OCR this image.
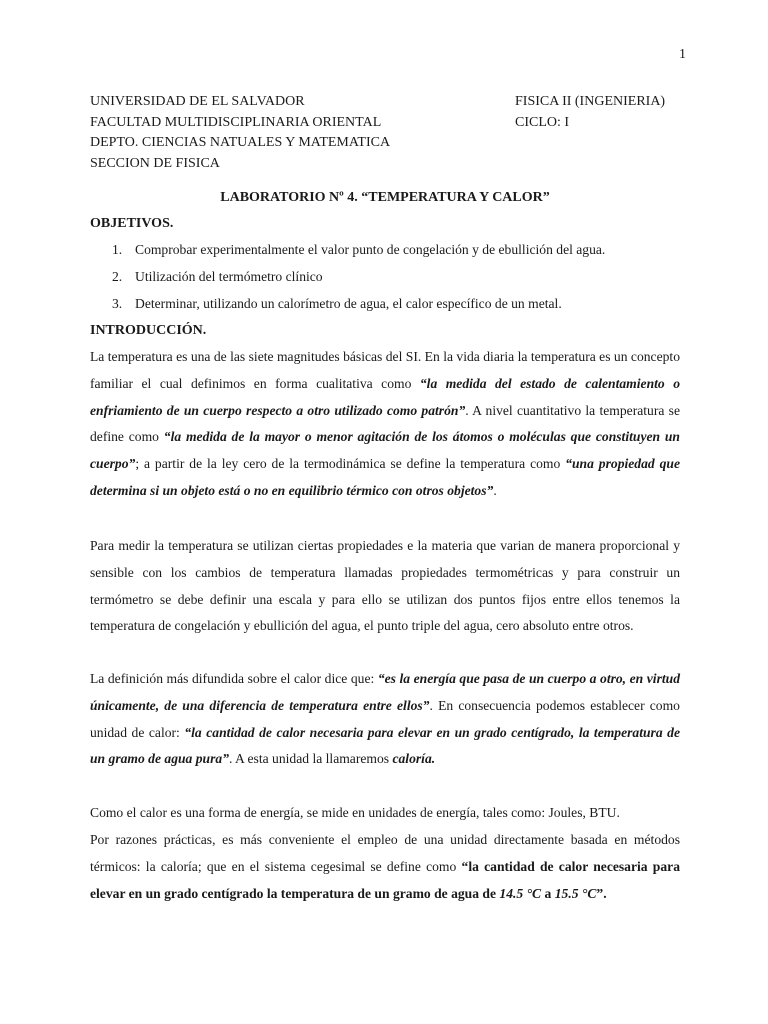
1
UNIVERSIDAD DE EL SALVADOR
FACULTAD MULTIDISCIPLINARIA ORIENTAL
DEPTO. CIENCIAS NATUALES Y MATEMATICA
SECCION DE FISICA
FISICA II (INGENIERIA)
CICLO: I
LABORATORIO Nº 4. “TEMPERATURA Y CALOR”
OBJETIVOS.
1. Comprobar experimentalmente el valor punto de congelación y de ebullición del agua.
2. Utilización del termómetro clínico
3. Determinar, utilizando un calorímetro de agua, el calor específico de un metal.
INTRODUCCIÓN.

La temperatura es una de las siete magnitudes básicas del SI. En la vida diaria la temperatura es un concepto familiar el cual definimos en forma cualitativa como “la medida del estado de calentamiento o enfriamiento de un cuerpo respecto a otro utilizado como patrón”. A nivel cuantitativo la temperatura se define como “la medida de la mayor o menor agitación de los átomos o moléculas que constituyen un cuerpo”; a partir de la ley cero de la termodinámica se define la temperatura como “una propiedad que determina si un objeto está o no en equilibrio térmico con otros objetos”.

Para medir la temperatura se utilizan ciertas propiedades e la materia que varian de manera proporcional y sensible con los cambios de temperatura llamadas propiedades termométricas y para construir un termómetro se debe definir una escala y para ello se utilizan dos puntos fijos entre ellos tenemos la temperatura de congelación y ebullición del agua, el punto triple del agua, cero absoluto entre otros.

La definición más difundida sobre el calor dice que: “es la energía que pasa de un cuerpo a otro, en virtud únicamente, de una diferencia de temperatura entre ellos”. En consecuencia podemos establecer como unidad de calor: “la cantidad de calor necesaria para elevar en un grado centígrado, la temperatura de un gramo de agua pura”. A esta unidad la llamaremos caloría.

Como el calor es una forma de energía, se mide en unidades de energía, tales como: Joules, BTU.

Por razones prácticas, es más conveniente el empleo de una unidad directamente basada en métodos térmicos: la caloría; que en el sistema cegesimal se define como “la cantidad de calor necesaria para elevar en un grado centígrado la temperatura de un gramo de agua de 14.5 °C a 15.5 °C”.
